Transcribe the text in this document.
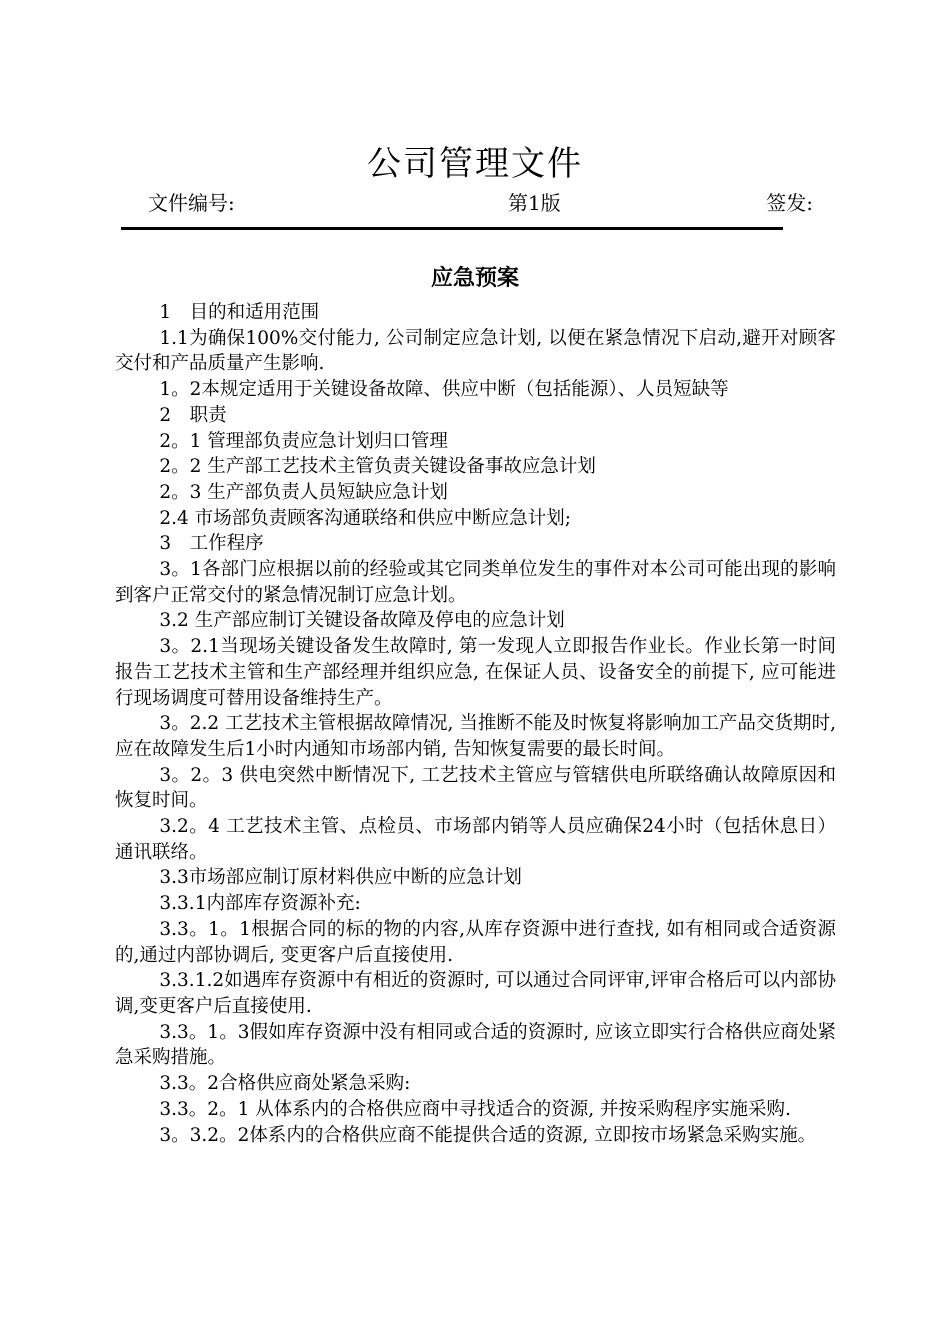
公司管理文件
文件编号:	第1版	签发:
应急预案

1　目的和适用范围

1.1为确保100%交付能力, 公司制定应急计划, 以便在紧急情况下启动,避开对顾客交付和产品质量产生影响.

1。2本规定适用于关键设备故障、供应中断（包括能源）、人员短缺等

2　职责

2。1 管理部负责应急计划归口管理

2。2 生产部工艺技术主管负责关键设备事故应急计划

2。3 生产部负责人员短缺应急计划

2.4 市场部负责顾客沟通联络和供应中断应急计划;

3　工作程序

3。1各部门应根据以前的经验或其它同类单位发生的事件对本公司可能出现的影响到客户正常交付的紧急情况制订应急计划。

3.2 生产部应制订关键设备故障及停电的应急计划

3。2.1当现场关键设备发生故障时, 第一发现人立即报告作业长。作业长第一时间报告工艺技术主管和生产部经理并组织应急, 在保证人员、设备安全的前提下, 应可能进行现场调度可替用设备维持生产。

3。2.2 工艺技术主管根据故障情况, 当推断不能及时恢复将影响加工产品交货期时,应在故障发生后1小时内通知市场部内销, 告知恢复需要的最长时间。

3。2。3 供电突然中断情况下, 工艺技术主管应与管辖供电所联络确认故障原因和恢复时间。

3.2。4 工艺技术主管、点检员、市场部内销等人员应确保24小时（包括休息日）通讯联络。

3.3市场部应制订原材料供应中断的应急计划

3.3.1内部库存资源补充:

3.3。1。1根据合同的标的物的内容,从库存资源中进行查找, 如有相同或合适资源的,通过内部协调后, 变更客户后直接使用.

3.3.1.2如遇库存资源中有相近的资源时, 可以通过合同评审,评审合格后可以内部协调,变更客户后直接使用.

3.3。1。3假如库存资源中没有相同或合适的资源时, 应该立即实行合格供应商处紧急采购措施。

3.3。2合格供应商处紧急采购:

3.3。2。1 从体系内的合格供应商中寻找适合的资源, 并按采购程序实施采购.

3。3.2。2体系内的合格供应商不能提供合适的资源, 立即按市场紧急采购实施。
